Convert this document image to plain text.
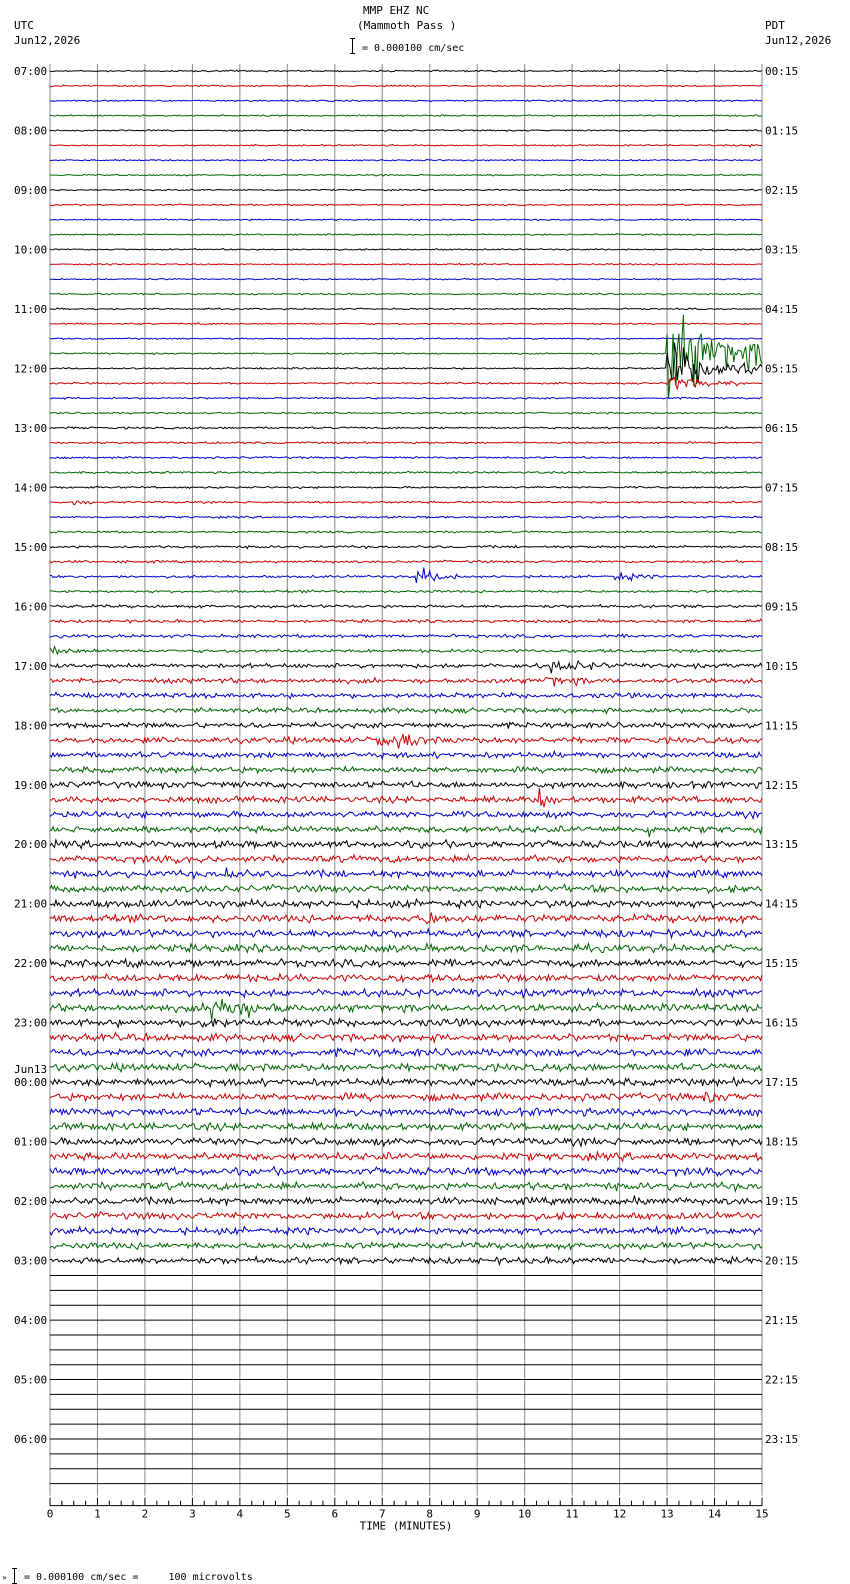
MMP EHZ NC
(Mammoth Pass )
= 0.000100 cm/sec
UTC
Jun12,2026
PDT
Jun12,2026
0	1	2	3	4	5	6	7	8	9	10	11	12	13	14	15
TIME (MINUTES)
07:00
08:00
09:00
10:00
11:00
12:00
13:00
14:00
15:00
16:00
17:00
18:00
19:00
20:00
21:00
22:00
23:00
00:00
Jun13
01:00
02:00
03:00
04:00
05:00
06:00
00:15
01:15
02:15
03:15
04:15
05:15
06:15
07:15
08:15
09:15
10:15
11:15
12:15
13:15
14:15
15:15
16:15
17:15
18:15
19:15
20:15
21:15
22:15
23:15
» = 0.000100 cm/sec =     100 microvolts
